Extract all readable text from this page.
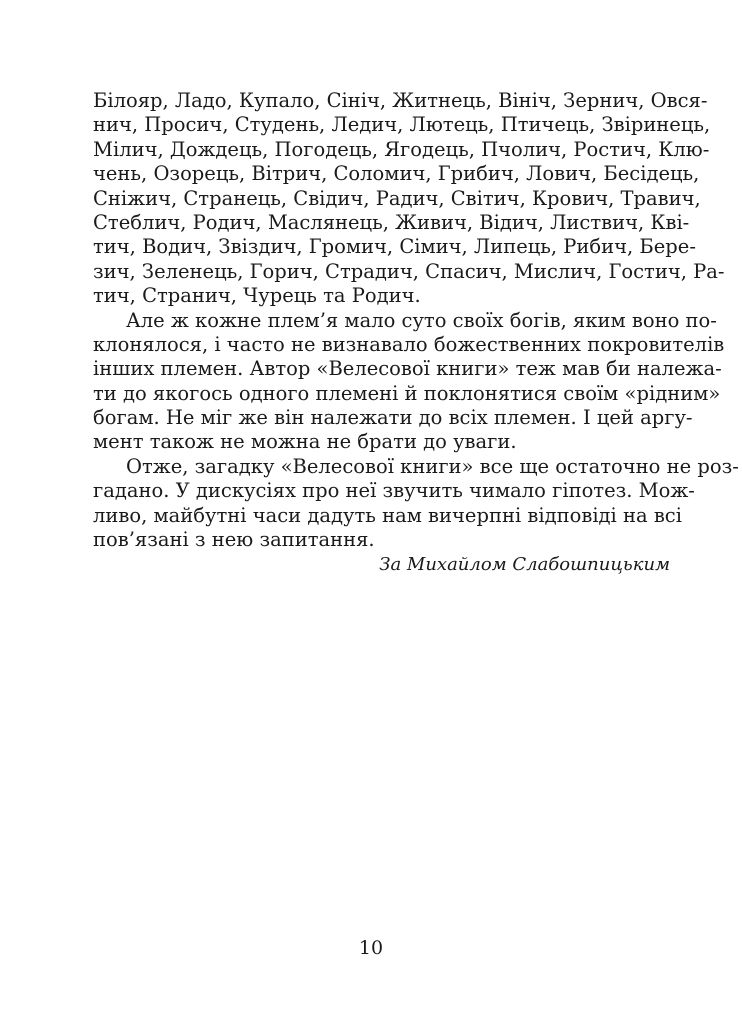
Білояр, Ладо, Купало, Сініч, Житнець, Вініч, Зернич, Овся-
нич, Просич, Студень, Ледич, Лютець, Птичець, Звіринець,
Мілич, Дождець, Погодець, Ягодець, Пчолич, Ростич, Клю-
чень, Озорець, Вітрич, Соломич, Грибич, Лович, Бесідець,
Сніжич, Странець, Свідич, Радич, Світич, Крович, Травич,
Стеблич, Родич, Маслянець, Живич, Відич, Листвич, Кві-
тич, Водич, Звіздич, Громич, Сімич, Липець, Рибич, Бере-
зич, Зеленець, Горич, Страдич, Спасич, Мислич, Гостич, Ра-
тич, Странич, Чурець та Родич.
Але ж кожне плем’я мало суто своїх богів, яким воно по-
клонялося, і часто не визнавало божественних покровителів
інших племен. Автор «Велесової книги» теж мав би належа-
ти до якогось одного племені й поклонятися своїм «рідним»
богам. Не міг же він належати до всіх племен. І цей аргу-
мент також не можна не брати до уваги.
Отже, загадку «Велесової книги» все ще остаточно не роз-
гадано. У дискусіях про неї звучить чимало гіпотез. Мож-
ливо, майбутні часи дадуть нам вичерпні відповіді на всі
пов’язані з нею запитання.
За Михайлом Слабошпицьким
10
